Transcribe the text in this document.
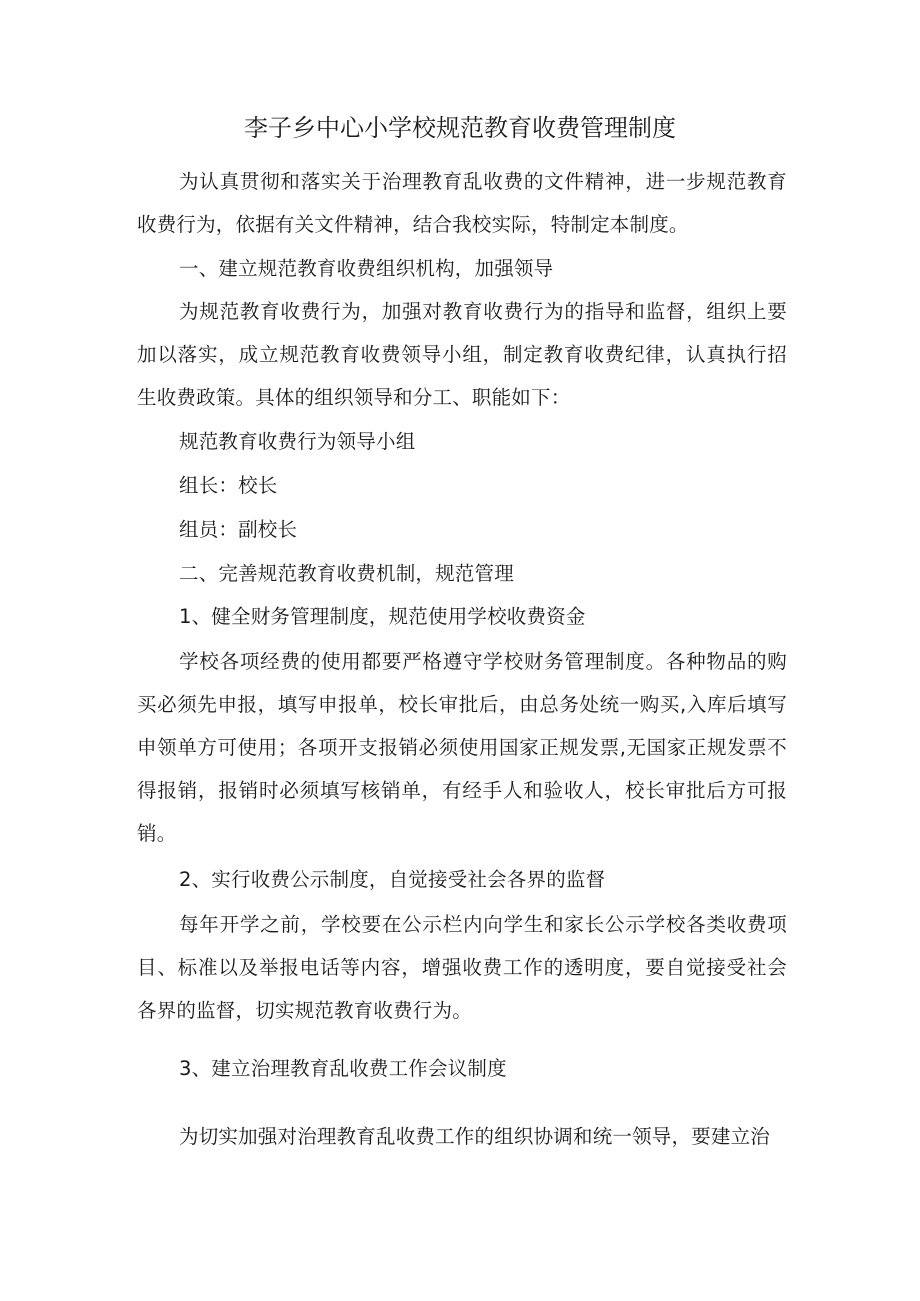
李子乡中心小学校规范教育收费管理制度

为认真贯彻和落实关于治理教育乱收费的文件精神，进一步规范教育收费行为，依据有关文件精神，结合我校实际，特制定本制度。

一、建立规范教育收费组织机构，加强领导

为规范教育收费行为，加强对教育收费行为的指导和监督，组织上要加以落实，成立规范教育收费领导小组，制定教育收费纪律，认真执行招生收费政策。具体的组织领导和分工、职能如下：

规范教育收费行为领导小组

组长：校长

组员：副校长

二、完善规范教育收费机制，规范管理

1、健全财务管理制度，规范使用学校收费资金

学校各项经费的使用都要严格遵守学校财务管理制度。各种物品的购买必须先申报，填写申报单，校长审批后，由总务处统一购买,入库后填写申领单方可使用；各项开支报销必须使用国家正规发票,无国家正规发票不得报销，报销时必须填写核销单，有经手人和验收人，校长审批后方可报销。

2、实行收费公示制度，自觉接受社会各界的监督

每年开学之前，学校要在公示栏内向学生和家长公示学校各类收费项目、标准以及举报电话等内容，增强收费工作的透明度，要自觉接受社会各界的监督，切实规范教育收费行为。

3、建立治理教育乱收费工作会议制度

为切实加强对治理教育乱收费工作的组织协调和统一领导，要建立治
